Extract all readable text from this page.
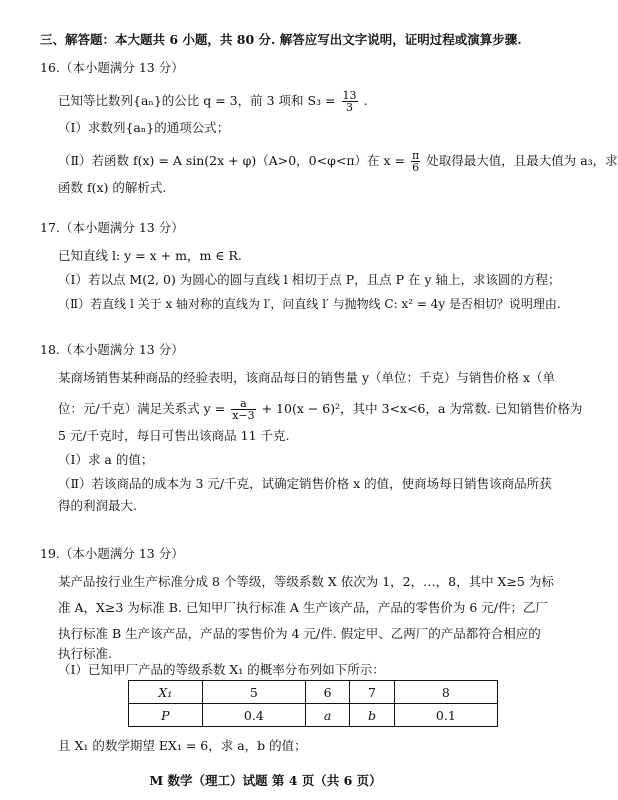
三、解答题：本大题共 6 小题，共 80 分. 解答应写出文字说明，证明过程或演算步骤.
16.（本小题满分 13 分）
已知等比数列{aₙ}的公比 q = 3，前 3 项和 $S_3 = \frac{13}{3}$ .
（Ⅰ）求数列{aₙ}的通项公式；
（Ⅱ）若函数 f(x) = A sin(2x + φ)（A>0，0<φ<π）在 $x = \frac{\pi}{6}$ 处取得最大值，且最大值为 a₃，求
函数 f(x) 的解析式.
17.（本小题满分 13 分）
已知直线 l: y = x + m，m ∈ R.
（Ⅰ）若以点 M(2, 0) 为圆心的圆与直线 l 相切于点 P，且点 P 在 y 轴上，求该圆的方程；
（Ⅱ）若直线 l 关于 x 轴对称的直线为 l′，问直线 l′ 与抛物线 C: x² = 4y 是否相切？说明理由.
18.（本小题满分 13 分）
某商场销售某种商品的经验表明，该商品每日的销售量 y（单位：千克）与销售价格 x（单
位：元/千克）满足关系式 $y = \frac{a}{x-3} + 10(x - 6)^2$，其中 3<x<6，a 为常数. 已知销售价格为
5 元/千克时，每日可售出该商品 11 千克.
（Ⅰ）求 a 的值；
（Ⅱ）若该商品的成本为 3 元/千克，试确定销售价格 x 的值，使商场每日销售该商品所获
得的利润最大.
19.（本小题满分 13 分）
某产品按行业生产标准分成 8 个等级，等级系数 X 依次为 1，2，…，8，其中 X≥5 为标
准 A，X≥3 为标准 B. 已知甲厂执行标准 A 生产该产品，产品的零售价为 6 元/件；乙厂
执行标准 B 生产该产品，产品的零售价为 4 元/件. 假定甲、乙两厂的产品都符合相应的
执行标准.
X₁	5	6	7	8
P	0.4	a	b	0.1
（Ⅰ）已知甲厂产品的等级系数 X₁ 的概率分布列如下所示：
且 X₁ 的数学期望 EX₁ = 6，求 a，b 的值；
M 数学（理工）试题 第 4 页（共 6 页）
